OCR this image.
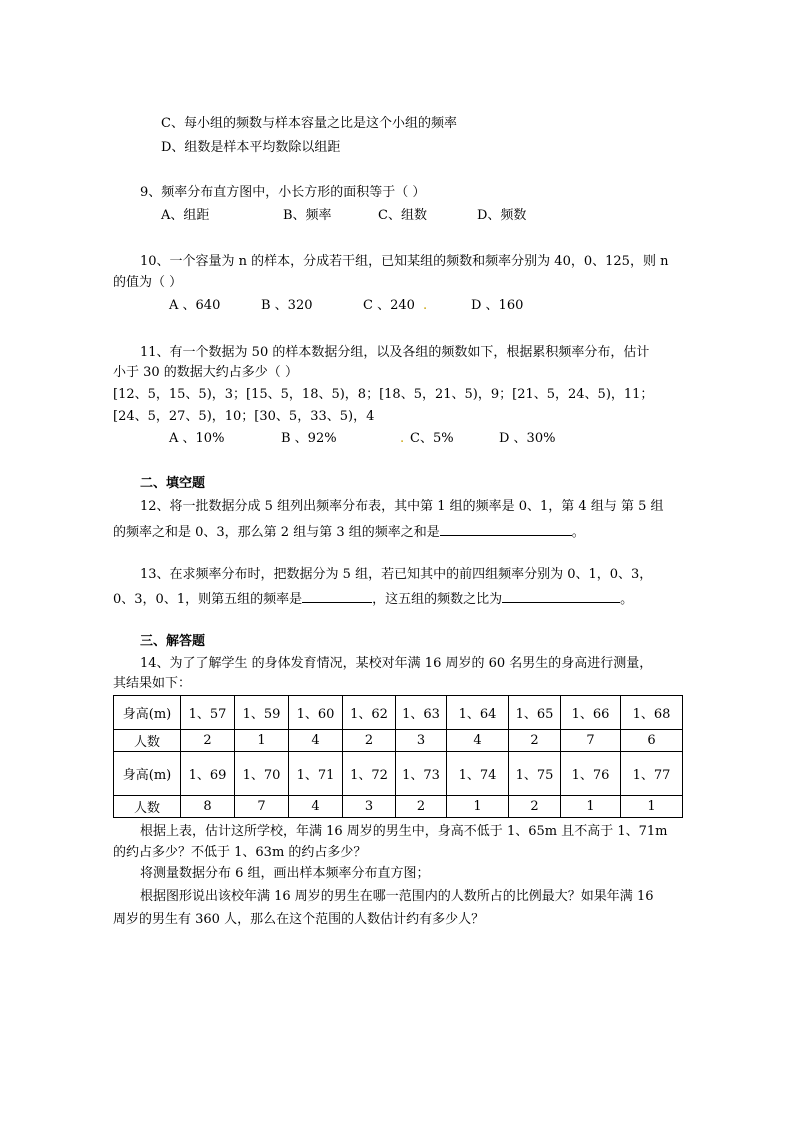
C、每小组的频数与样本容量之比是这个小组的频率
D、组数是样本平均数除以组距
9、频率分布直方图中，小长方形的面积等于（ ）
A、组距	B、频率	C、组数	D、频数
10、一个容量为 n 的样本，分成若干组，已知某组的频数和频率分别为 40，0、125，则 n
的值为（ ）
A 、640	B 、320	C 、240 .	D 、160
11、有一个数据为 50 的样本数据分组，以及各组的频数如下，根据累积频率分布，估计
小于 30 的数据大约占多少（ ）
[12、5，15、5)，3；[15、5，18、5)，8；[18、5，21、5)，9；[21、5，24、5)，11；
[24、5，27、5)，10；[30、5，33、5)，4
A 、10%	B 、92%	. C、5%	D 、30%
二、填空题
12、将一批数据分成 5 组列出频率分布表，其中第 1 组的频率是 0、1，第 4 组与 第 5 组
的频率之和是 0、3，那么第 2 组与第 3 组的频率之和是	。
13、在求频率分布时，把数据分为 5 组，若已知其中的前四组频率分别为 0、1，0、3，
0、3，0、1，则第五组的频率是	，这五组的频数之比为	。
三、解答题
14、为了了解学生 的身体发育情况，某校对年满 16 周岁的 60 名男生的身高进行测量，
其结果如下：
身高(m)	1、57	1、59	1、60	1、62	1、63	1、64	1、65	1、66	1、68
人数	2	1	4	2	3	4	2	7	6
身高(m)	1、69	1、70	1、71	1、72	1、73	1、74	1、75	1、76	1、77
人数	8	7	4	3	2	1	2	1	1
根据上表，估计这所学校，年满 16 周岁的男生中，身高不低于 1、65m 且不高于 1、71m
的约占多少？不低于 1、63m 的约占多少？
将测量数据分布 6 组，画出样本频率分布直方图；
根据图形说出该校年满 16 周岁的男生在哪一范围内的人数所占的比例最大？如果年满 16
周岁的男生有 360 人，那么在这个范围的人数估计约有多少人？
